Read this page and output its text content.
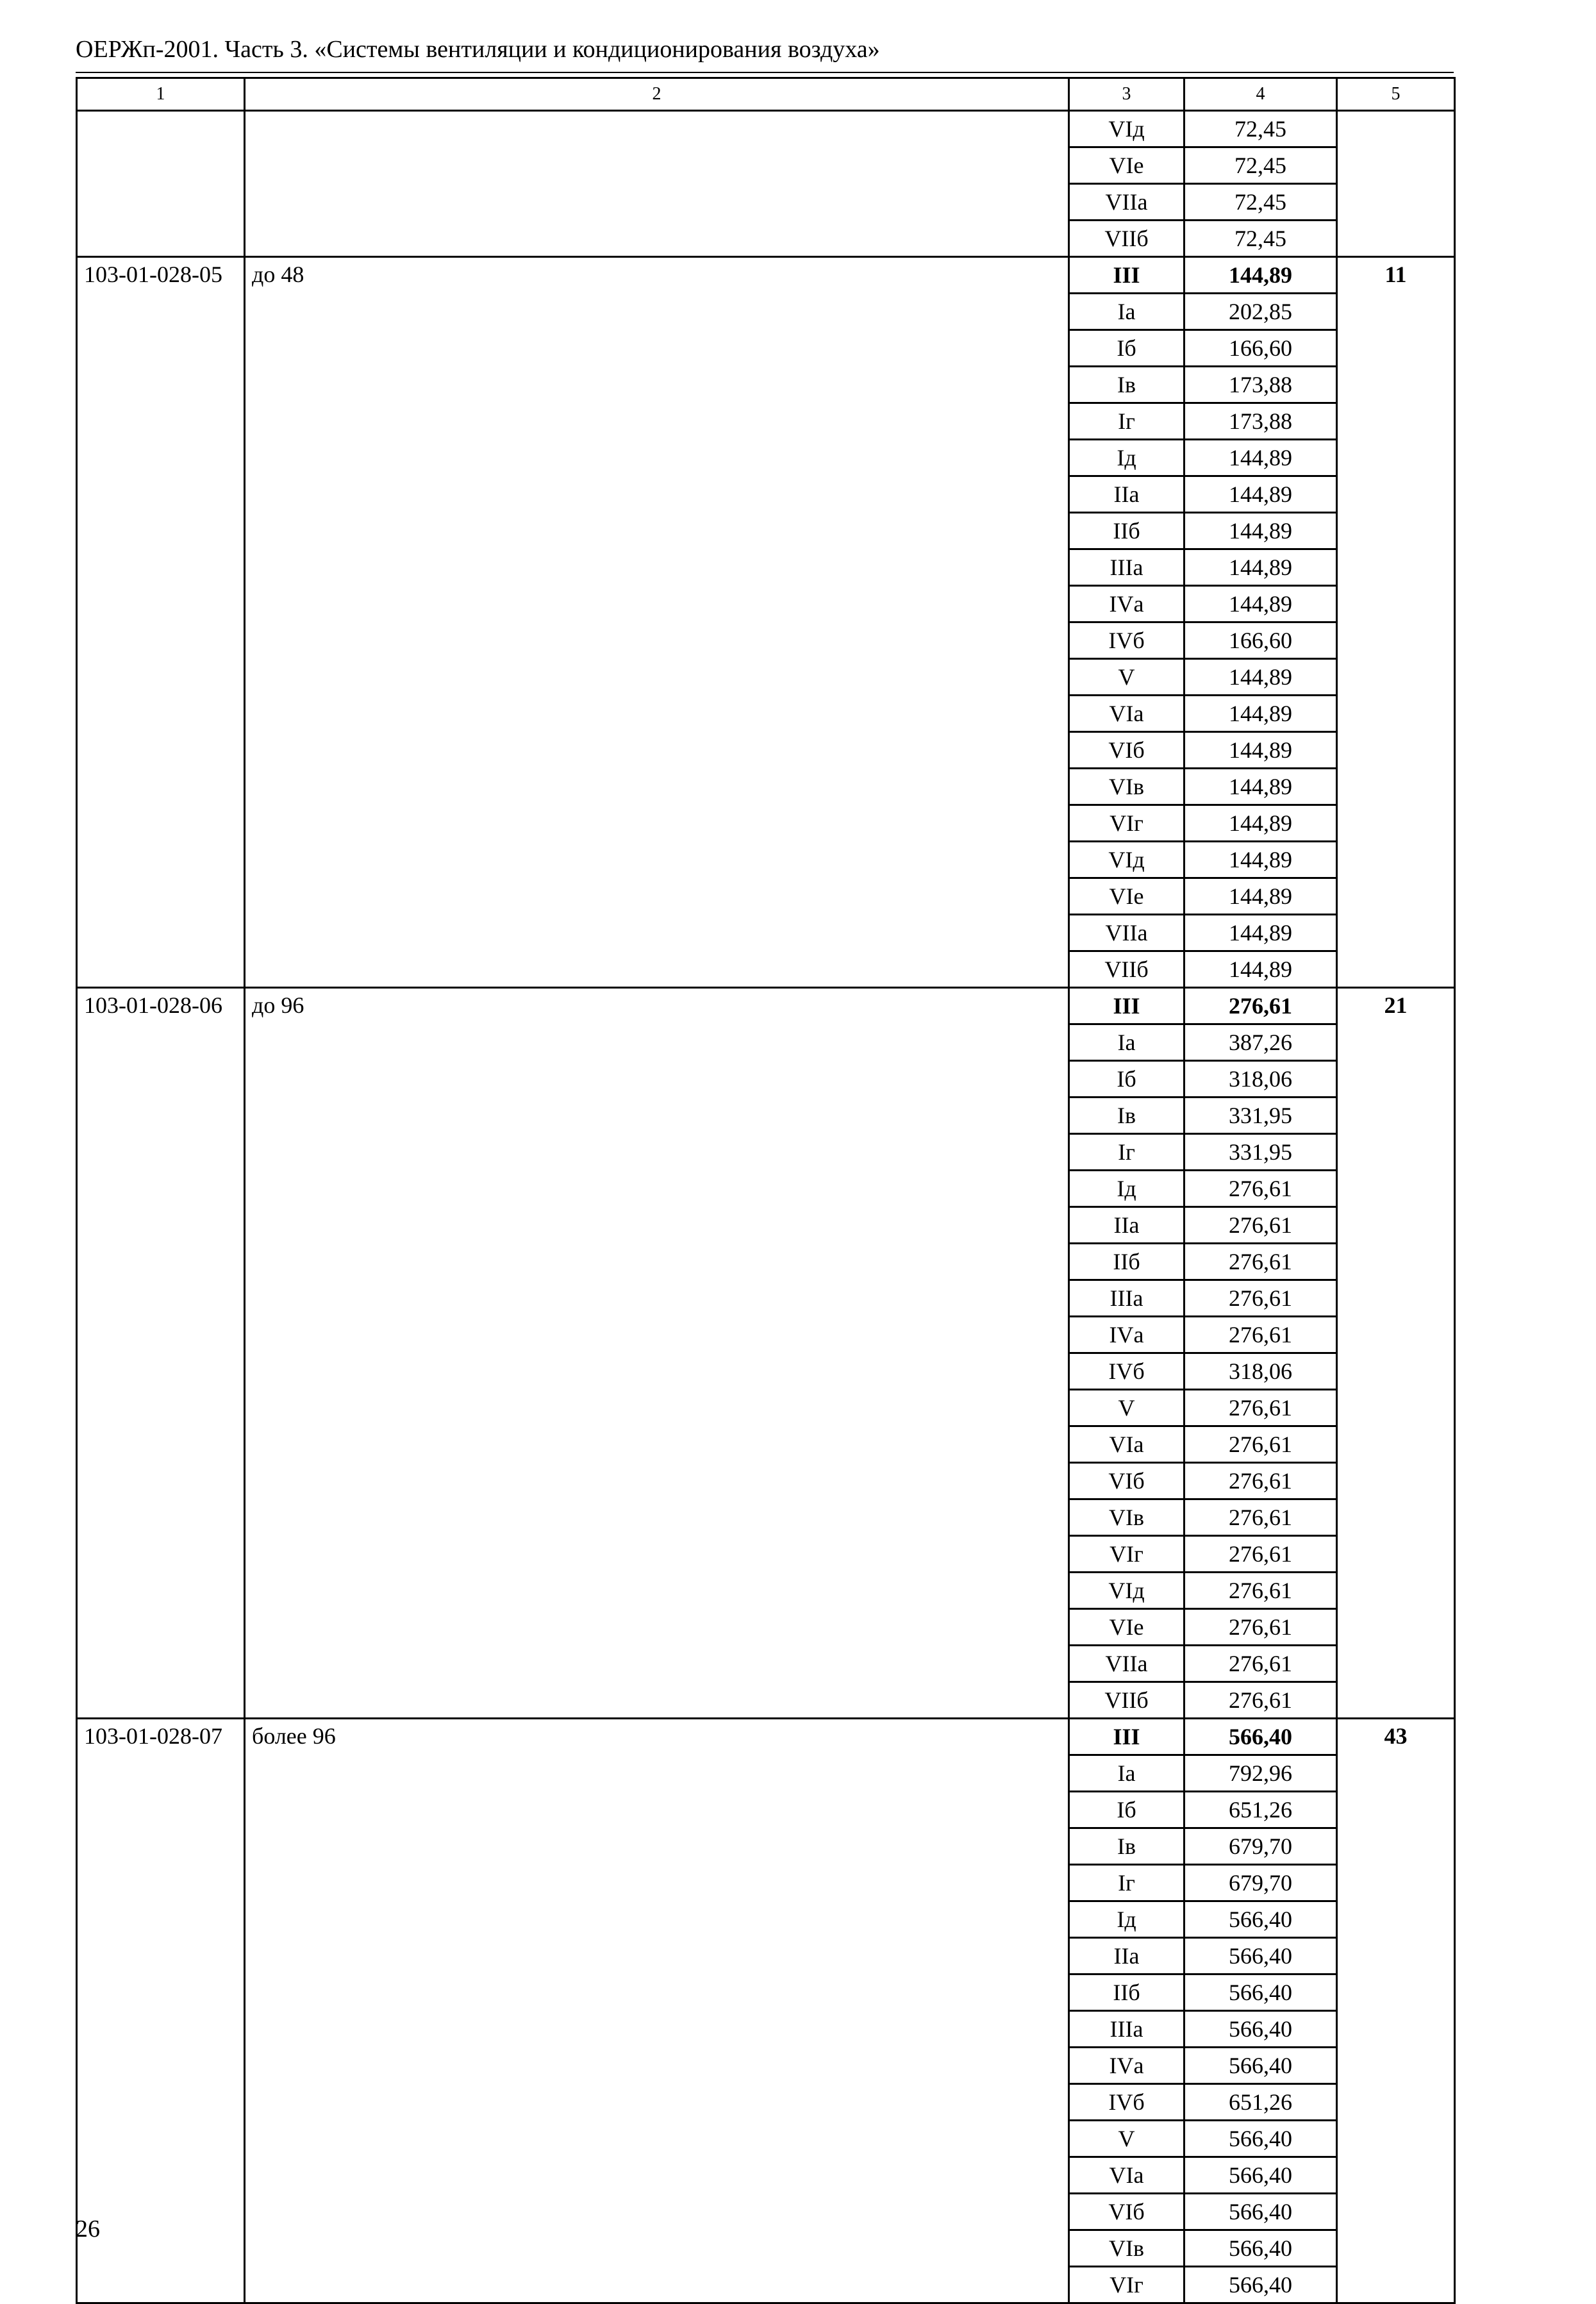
ОЕРЖп-2001. Часть 3. «Системы вентиляции и кондиционирования воздуха»
1	2	3	4	5
		VIд	72,45	
		VIе	72,45	
		VIIа	72,45	
		VIIб	72,45	
103-01-028-05	до 48	III	144,89	11
		Iа	202,85	
		Iб	166,60	
		Iв	173,88	
		Iг	173,88	
		Iд	144,89	
		IIа	144,89	
		IIб	144,89	
		IIIа	144,89	
		IVа	144,89	
		IVб	166,60	
		V	144,89	
		VIа	144,89	
		VIб	144,89	
		VIв	144,89	
		VIг	144,89	
		VIд	144,89	
		VIе	144,89	
		VIIа	144,89	
		VIIб	144,89	
103-01-028-06	до 96	III	276,61	21
		Iа	387,26	
		Iб	318,06	
		Iв	331,95	
		Iг	331,95	
		Iд	276,61	
		IIа	276,61	
		IIб	276,61	
		IIIа	276,61	
		IVа	276,61	
		IVб	318,06	
		V	276,61	
		VIа	276,61	
		VIб	276,61	
		VIв	276,61	
		VIг	276,61	
		VIд	276,61	
		VIе	276,61	
		VIIа	276,61	
		VIIб	276,61	
103-01-028-07	более 96	III	566,40	43
		Iа	792,96	
		Iб	651,26	
		Iв	679,70	
		Iг	679,70	
		Iд	566,40	
		IIа	566,40	
		IIб	566,40	
		IIIа	566,40	
		IVа	566,40	
		IVб	651,26	
		V	566,40	
		VIа	566,40	
		VIб	566,40	
		VIв	566,40	
		VIг	566,40	
26
